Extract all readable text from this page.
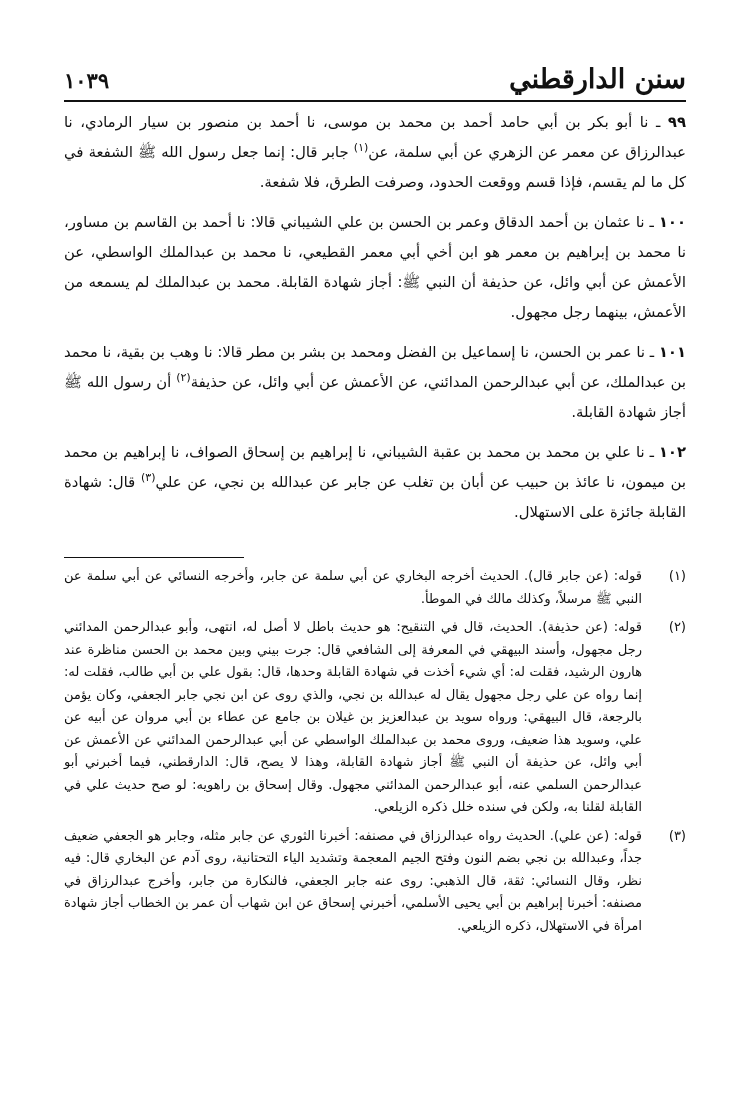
سنن الدارقطني
١٠٣٩

٩٩ ـ نا أبو بكر بن أبي حامد أحمد بن محمد بن موسى، نا أحمد بن منصور بن سيار الرمادي، نا عبدالرزاق عن معمر عن الزهري عن أبي سلمة، عن$^{(١)}$ جابر قال: إنما جعل رسول الله ﷺ الشفعة في كل ما لم يقسم، فإذا قسم ووقعت الحدود، وصرفت الطرق، فلا شفعة.

١٠٠ ـ نا عثمان بن أحمد الدقاق وعمر بن الحسن بن علي الشيباني قالا: نا أحمد بن القاسم بن مساور، نا محمد بن إبراهيم بن معمر هو ابن أخي أبي معمر القطيعي، نا محمد بن عبدالملك الواسطي، عن الأعمش عن أبي وائل، عن حذيفة أن النبي ﷺ: أجاز شهادة القابلة. محمد بن عبدالملك لم يسمعه من الأعمش، بينهما رجل مجهول.

١٠١ ـ نا عمر بن الحسن، نا إسماعيل بن الفضل ومحمد بن بشر بن مطر قالا: نا وهب بن بقية، نا محمد بن عبدالملك، عن أبي عبدالرحمن المدائني، عن الأعمش عن أبي وائل، عن حذيفة$^{(٢)}$ أن رسول الله ﷺ أجاز شهادة القابلة.

١٠٢ ـ نا علي بن محمد بن محمد بن عقبة الشيباني، نا إبراهيم بن إسحاق الصواف، نا إبراهيم بن محمد بن ميمون، نا عائذ بن حبيب عن أبان بن تغلب عن جابر عن عبدالله بن نجي، عن علي$^{(٣)}$ قال: شهادة القابلة جائزة على الاستهلال.

(١)
قوله: (عن جابر قال). الحديث أخرجه البخاري عن أبي سلمة عن جابر، وأخرجه النسائي عن أبي سلمة عن النبي ﷺ مرسلاً، وكذلك مالك في الموطأ.
(٢)
قوله: (عن حذيفة). الحديث، قال في التنقيح: هو حديث باطل لا أصل له، انتهى، وأبو عبدالرحمن المدائني رجل مجهول، وأسند البيهقي في المعرفة إلى الشافعي قال: جرت بيني وبين محمد بن الحسن مناظرة عند هارون الرشيد، فقلت له: أي شيء أخذت في شهادة القابلة وحدها، قال: بقول علي بن أبي طالب، فقلت له: إنما رواه عن علي رجل مجهول يقال له عبدالله بن نجي، والذي روى عن ابن نجي جابر الجعفي، وكان يؤمن بالرجعة، قال البيهقي: ورواه سويد بن عبدالعزيز بن غيلان بن جامع عن عطاء بن أبي مروان عن أبيه عن علي، وسويد هذا ضعيف، وروى محمد بن عبدالملك الواسطي عن أبي عبدالرحمن المدائني عن الأعمش عن أبي وائل، عن حذيفة أن النبي ﷺ أجاز شهادة القابلة، وهذا لا يصح، قال: الدارقطني، فيما أخبرني أبو عبدالرحمن السلمي عنه، أبو عبدالرحمن المدائني مجهول. وقال إسحاق بن راهويه: لو صح حديث علي في القابلة لقلنا به، ولكن في سنده خلل ذكره الزيلعي.
(٣)
قوله: (عن علي). الحديث رواه عبدالرزاق في مصنفه: أخبرنا الثوري عن جابر مثله، وجابر هو الجعفي ضعيف جداً، وعبدالله بن نجي بضم النون وفتح الجيم المعجمة وتشديد الياء التحتانية، روى آدم عن البخاري قال: فيه نظر، وقال النسائي: ثقة، قال الذهبي: روى عنه جابر الجعفي، فالنكارة من جابر، وأخرج عبدالرزاق في مصنفه: أخبرنا إبراهيم بن أبي يحيى الأسلمي، أخبرني إسحاق عن ابن شهاب أن عمر بن الخطاب أجاز شهادة امرأة في الاستهلال، ذكره الزيلعي.
